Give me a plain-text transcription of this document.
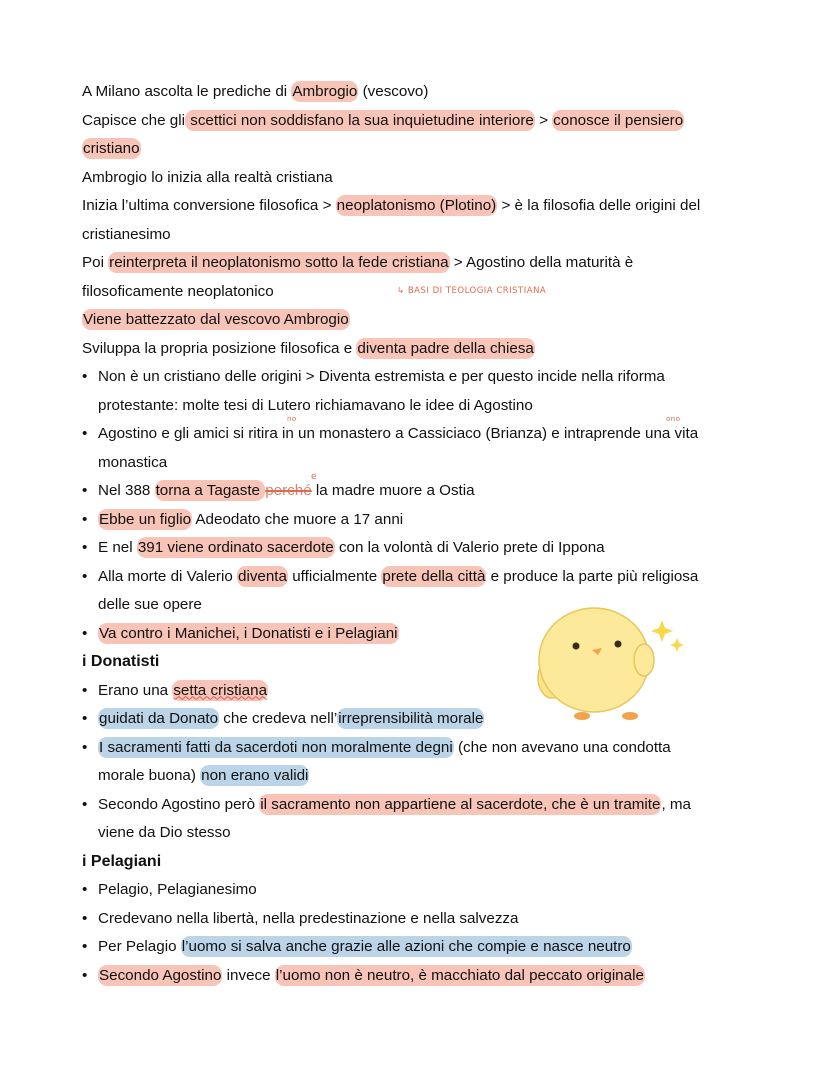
A Milano ascolta le prediche di Ambrogio (vescovo)
Capisce che gli scettici non soddisfano la sua inquietudine interiore > conosce il pensiero
cristiano
Ambrogio lo inizia alla realtà cristiana
Inizia l’ultima conversione filosofica > neoplatonismo (Plotino) > è la filosofia delle origini del
cristianesimo
Poi reinterpreta il neoplatonismo sotto la fede cristiana > Agostino della maturità è
filosoficamente neoplatonico
Viene battezzato dal vescovo Ambrogio
Sviluppa la propria posizione filosofica e diventa padre della chiesa
• Non è un cristiano delle origini > Diventa estremista e per questo incide nella riforma
protestante: molte tesi di Lutero richiamavano le idee di Agostino
• Agostino e gli amici si ritira in un monastero a Cassiciaco (Brianza) e intraprende una vita
monastica
• Nel 388 torna a Tagaste perché la madre muore a Ostia
• Ebbe un figlio Adeodato che muore a 17 anni
• E nel 391 viene ordinato sacerdote con la volontà di Valerio prete di Ippona
• Alla morte di Valerio diventa ufficialmente prete della città e produce la parte più religiosa
delle sue opere
• Va contro i Manichei, i Donatisti e i Pelagiani
i Donatisti
• Erano una setta cristiana
• guidati da Donato che credeva nell’irreprensibilità morale
• I sacramenti fatti da sacerdoti non moralmente degni (che non avevano una condotta
morale buona) non erano validi
• Secondo Agostino però il sacramento non appartiene al sacerdote, che è un tramite, ma
viene da Dio stesso
i Pelagiani
• Pelagio, Pelagianesimo
• Credevano nella libertà, nella predestinazione e nella salvezza
• Per Pelagio l’uomo si salva anche grazie alle azioni che compie e nasce neutro
• Secondo Agostino invece l’uomo non è neutro, è macchiato dal peccato originale
↳ BASI DI TEOLOGIA CRISTIANA
no	ono
e
